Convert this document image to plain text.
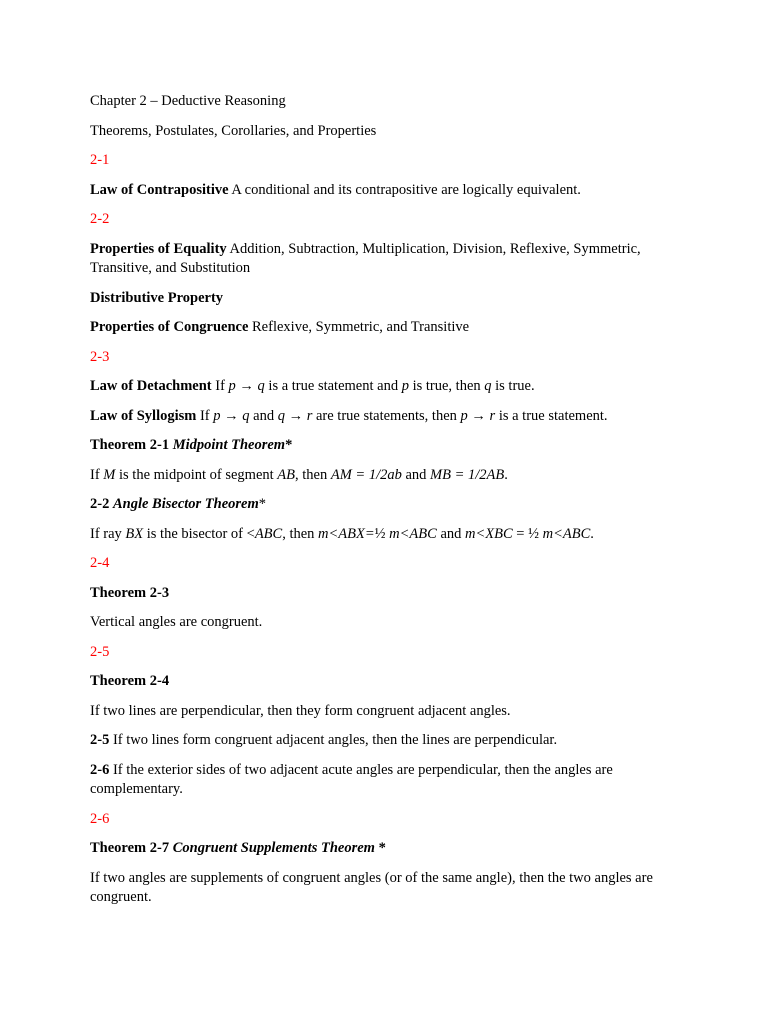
Chapter 2 – Deductive Reasoning

Theorems, Postulates, Corollaries, and Properties

2-1

Law of Contrapositive A conditional and its contrapositive are logically equivalent.

2-2

Properties of Equality Addition, Subtraction, Multiplication, Division, Reflexive, Symmetric, Transitive, and Substitution

Distributive Property

Properties of Congruence Reflexive, Symmetric, and Transitive

2-3

Law of Detachment If p → q is a true statement and p is true, then q is true.

Law of Syllogism If p → q and q → r are true statements, then p → r is a true statement.

Theorem 2-1 Midpoint Theorem*

If M is the midpoint of segment AB, then AM = 1/2ab and MB = 1/2AB.

2-2 Angle Bisector Theorem*

If ray BX is the bisector of <ABC, then m<ABX=½ m<ABC and m<XBC = ½ m<ABC.

2-4

Theorem 2-3

Vertical angles are congruent.

2-5

Theorem 2-4

If two lines are perpendicular, then they form congruent adjacent angles.

2-5 If two lines form congruent adjacent angles, then the lines are perpendicular.

2-6 If the exterior sides of two adjacent acute angles are perpendicular, then the angles are complementary.

2-6

Theorem 2-7 Congruent Supplements Theorem *

If two angles are supplements of congruent angles (or of the same angle), then the two angles are congruent.
